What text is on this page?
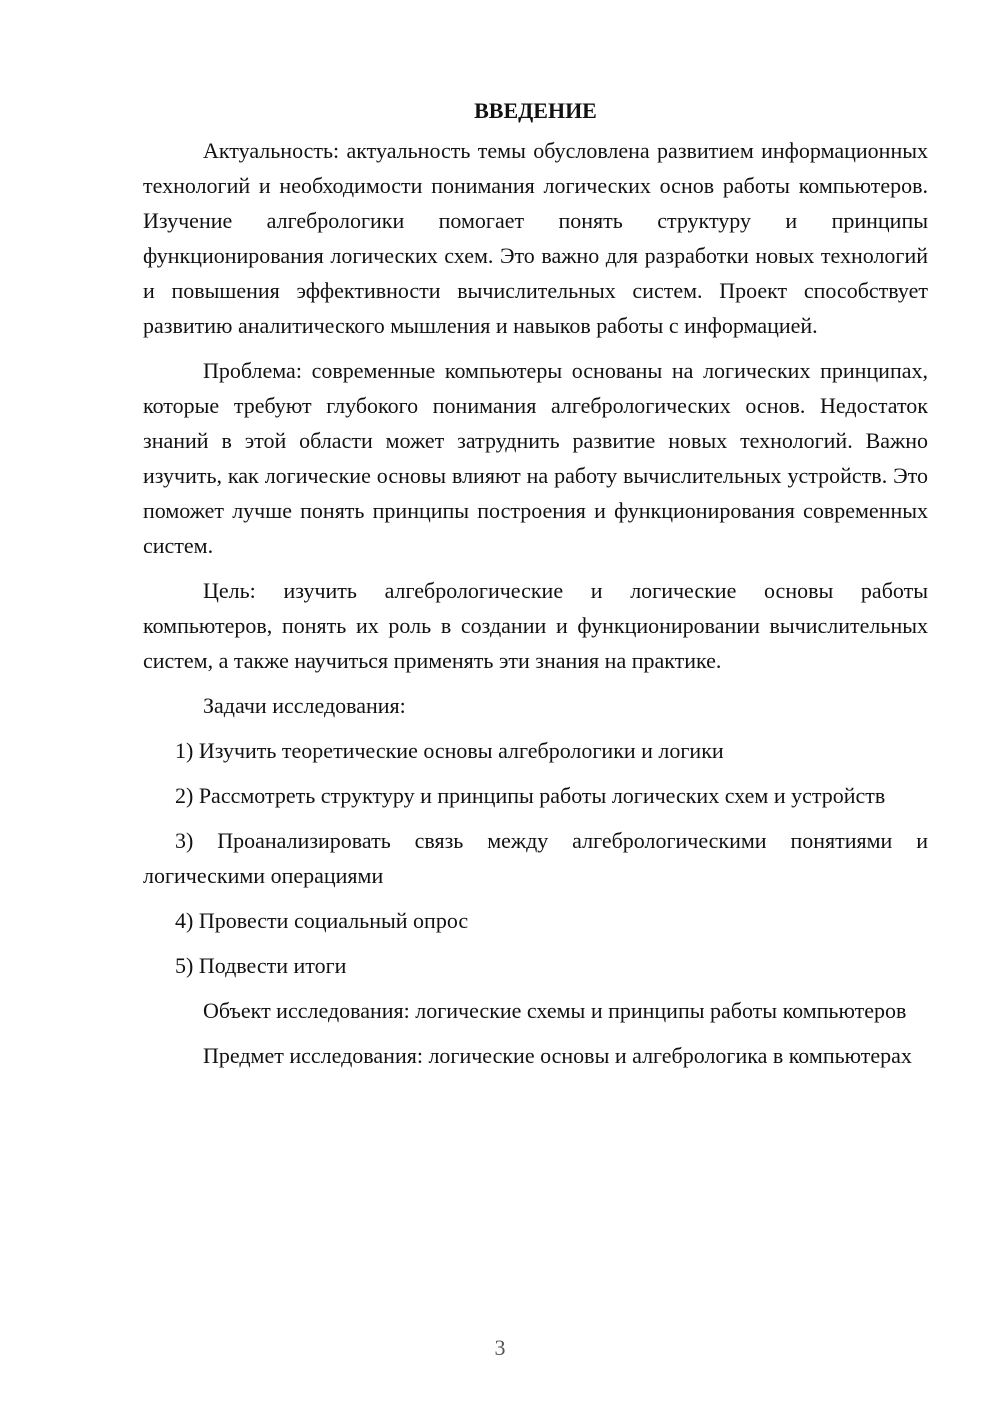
ВВЕДЕНИЕ

Актуальность: актуальность темы обусловлена развитием информационных технологий и необходимости понимания логических основ работы компьютеров. Изучение алгебрологики помогает понять структуру и принципы функционирования логических схем. Это важно для разработки новых технологий и повышения эффективности вычислительных систем. Проект способствует развитию аналитического мышления и навыков работы с информацией.

Проблема: современные компьютеры основаны на логических принципах, которые требуют глубокого понимания алгебрологических основ. Недостаток знаний в этой области может затруднить развитие новых технологий. Важно изучить, как логические основы влияют на работу вычислительных устройств. Это поможет лучше понять принципы построения и функционирования современных систем.

Цель: изучить алгебрологические и логические основы работы компьютеров, понять их роль в создании и функционировании вычислительных систем, а также научиться применять эти знания на практике.

Задачи исследования:

1) Изучить теоретические основы алгебрологики и логики

2) Рассмотреть структуру и принципы работы логических схем и устройств

3) Проанализировать связь между алгебрологическими понятиями и логическими операциями

4) Провести социальный опрос

5) Подвести итоги

Объект исследования: логические схемы и принципы работы компьютеров

Предмет исследования: логические основы и алгебрологика в компьютерах

3
